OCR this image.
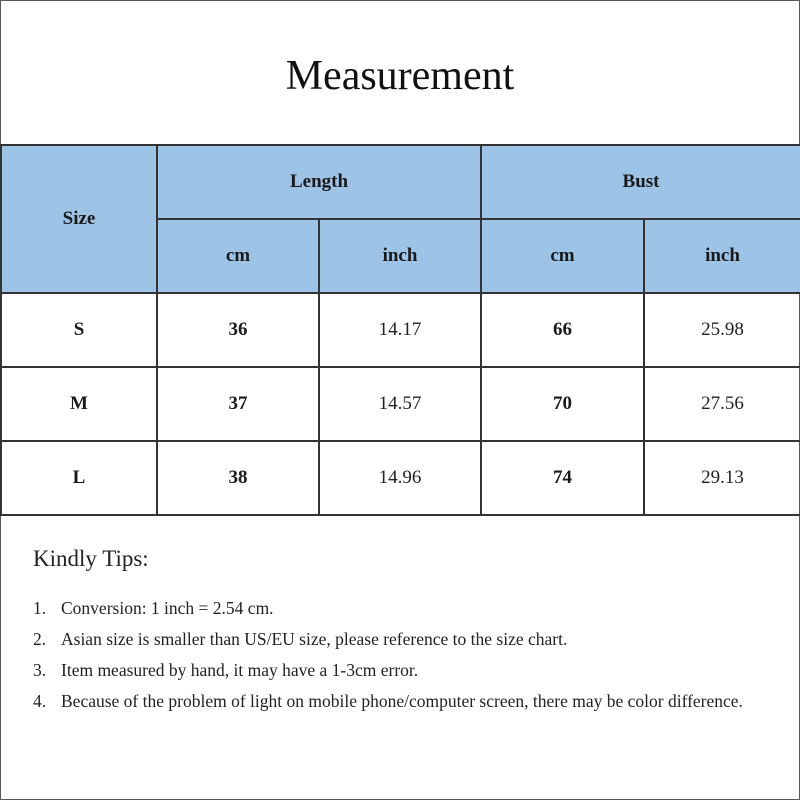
Measurement
Size	Length		Bust	
	cm	inch	cm	inch
S	36	14.17	66	25.98
M	37	14.57	70	27.56
L	38	14.96	74	29.13
Kindly Tips:
1. Conversion: 1 inch = 2.54 cm.
2. Asian size is smaller than US/EU size, please reference to the size chart.
3. Item measured by hand, it may have a 1-3cm error.
4. Because of the problem of light on mobile phone/computer screen, there may be color difference.
